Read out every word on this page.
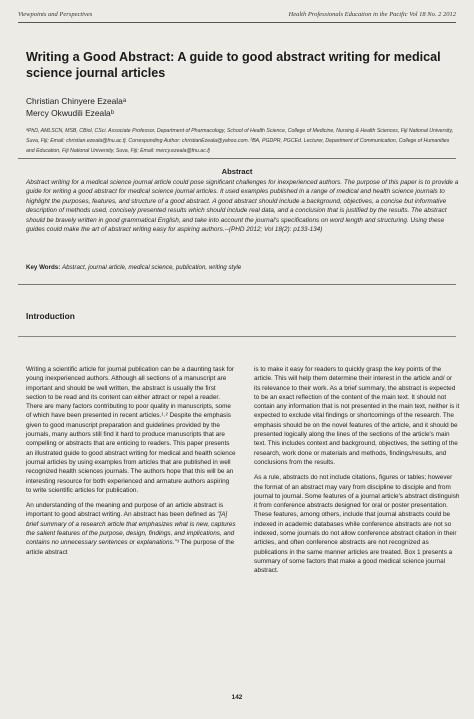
Viewpoints and Perspectives	Health Professionals Education in the Pacific Vol 18 No. 2 2012
Writing a Good Abstract: A guide to good abstract writing for medical science journal articles
Christian Chinyere Ezealaᵃ
Mercy Okwudili Ezealaᵇ
ᵃPhD, AMLSCN, MSB, CBiol, CSci. Associate Professor, Department of Pharmacology, School of Health Science, College of Medicine, Nursing & Health Sciences, Fiji National University, Suva, Fiji; Email: christian.ezeala@fnu.ac.fj. Corresponding Author: christianEzeala@yahoo.com. ᵇBA, PGDPR, PGCEd. Lecturer, Department of Communication, College of Humanities and Education, Fiji National University, Suva, Fiji; Email: mercy.ezeala@fnu.ac.fj
Abstract
Abstract writing for a medical science journal article could pose significant challenges for inexperienced authors. The purpose of this paper is to provide a guide for writing a good abstract for medical science journal articles. It used examples published in a range of medical and health science journals to highlight the purposes, features, and structure of a good abstract. A good abstract should include a background, objectives, a concise but informative description of methods used, concisely presented results which should include real data, and a conclusion that is justified by the results. The abstract should be bravely written in good grammatical English, and take into account the journal's specifications on word length and structuring. Using these guides could make the art of abstract writing easy for aspiring authors.--(PHD 2012; Vol 18(2): p133-134)
Key Words: Abstract, journal article, medical science, publication, writing style
Introduction

Writing a scientific article for journal publication can be a daunting task for young inexperienced authors. Although all sections of a manuscript are important and should be well written, the abstract is usually the first section to be read and its content can either attract or repel a reader. There are many factors contributing to poor quality in manuscripts, some of which have been presented in recent articles.¹˒² Despite the emphasis given to good manuscript preparation and guidelines provided by the journals, many authors still find it hard to produce manuscripts that are compelling or abstracts that are enticing to readers. This paper presents an illustrated guide to good abstract writing for medical and health science journal articles by using examples from articles that are published in well recognized health sciences journals. The authors hope that this will be an interesting resource for both experienced and armature authors aspiring to write scientific articles for publication.

An understanding of the meaning and purpose of an article abstract is important to good abstract writing. An abstract has been defined as "[A] brief summary of a research article that emphasizes what is new, captures the salient features of the purpose, design, findings, and implications, and contains no unnecessary sentences or explanations."³ The purpose of the article abstract

is to make it easy for readers to quickly grasp the key points of the article. This will help them determine their interest in the article and/ or its relevance to their work. As a brief summary, the abstract is expected to be an exact reflection of the content of the main text. It should not contain any information that is not presented in the main text, neither is it expected to exclude vital findings or shortcomings of the research. The emphasis should be on the novel features of the article, and it should be presented logically along the lines of the sections of the article's main text. This includes context and background, objectives, the setting of the research, work done or materials and methods, findings/results, and conclusions from the results.

As a rule, abstracts do not include citations, figures or tables; however the format of an abstract may vary from discipline to disciple and from journal to journal. Some features of a journal article's abstract distinguish it from conference abstracts designed for oral or poster presentation. These features, among others, include that journal abstracts could be indexed in academic databases while conference abstracts are not so indexed, some journals do not allow conference abstract citation in their articles, and often conference abstracts are not recognized as publications in the same manner articles are treated. Box 1 presents a summary of some factors that make a good medical science journal abstract.

142
